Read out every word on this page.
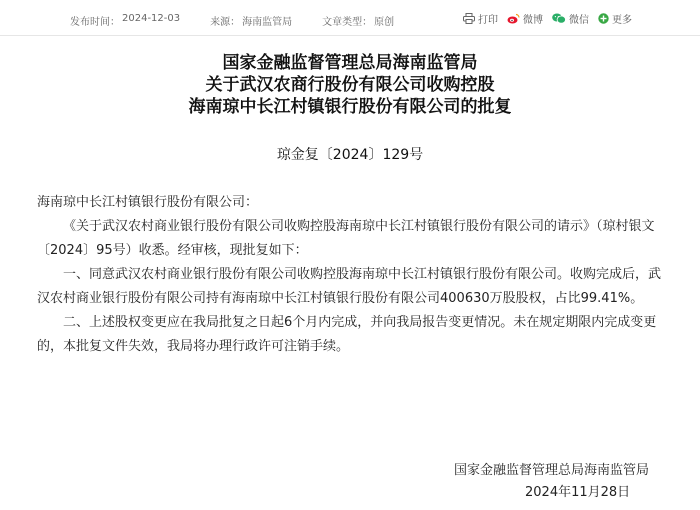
发布时间： 2024-12-03	来源： 海南监管局	文章类型： 原创	打印	微博	微信 更多
国家金融监督管理总局海南监管局
关于武汉农商行股份有限公司收购控股
海南琼中长江村镇银行股份有限公司的批复
琼金复〔2024〕129号

海南琼中长江村镇银行股份有限公司：

《关于武汉农村商业银行股份有限公司收购控股海南琼中长江村镇银行股份有限公司的请示》（琼村银文〔2024〕95号）收悉。经审核，现批复如下：

一、同意武汉农村商业银行股份有限公司收购控股海南琼中长江村镇银行股份有限公司。收购完成后，武汉农村商业银行股份有限公司持有海南琼中长江村镇银行股份有限公司400630万股股权，占比99.41%。

二、上述股权变更应在我局批复之日起6个月内完成，并向我局报告变更情况。未在规定期限内完成变更的，本批复文件失效，我局将办理行政许可注销手续。

国家金融监督管理总局海南监管局
2024年11月28日
